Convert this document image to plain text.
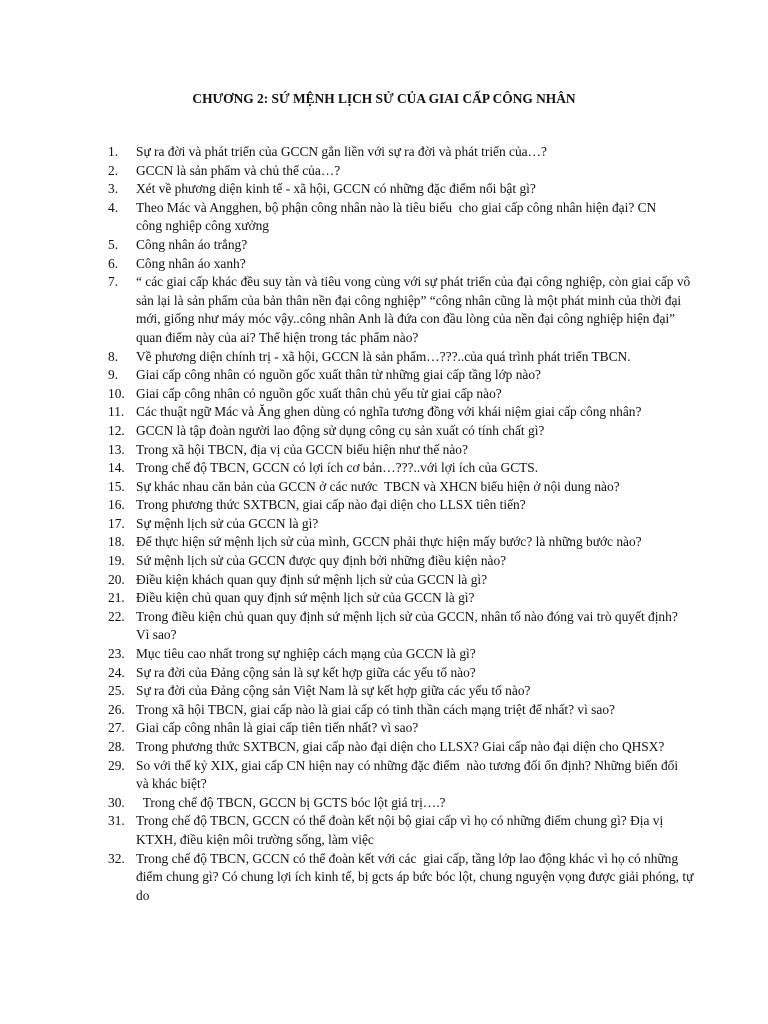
CHƯƠNG 2: SỨ MỆNH LỊCH SỬ CỦA GIAI CẤP CÔNG NHÂN
1.	Sự ra đời và phát triển của GCCN gắn liền với sự ra đời và phát triển của…?
2.	GCCN là sản phẩm và chủ thể của…?
3.	Xét về phương diện kinh tế - xã hội, GCCN có những đặc điểm nổi bật gì?
4.	Theo Mác và Angghen, bộ phận công nhân nào là tiêu biểu  cho giai cấp công nhân hiện đại? CN công nghiệp công xưởng
5.	Công nhân áo trắng?
6.	Công nhân áo xanh?
7.	“ các giai cấp khác đều suy tàn và tiêu vong cùng với sự phát triển của đại công nghiệp, còn giai cấp vô sản lại là sản phẩm của bản thân nền đại công nghiệp” “công nhân cũng là một phát minh của thời đại mới, giống như máy móc vậy..công nhân Anh là đứa con đầu lòng của nền đại công nghiệp hiện đại” quan điểm này của ai? Thể hiện trong tác phẩm nào?
8.	Về phương diện chính trị - xã hội, GCCN là sản phẩm…???..của quá trình phát triển TBCN.
9.	Giai cấp công nhân có nguồn gốc xuất thân từ những giai cấp tầng lớp nào?
10. Giai cấp công nhân có nguồn gốc xuất thân chủ yếu từ giai cấp nào?
11. Các thuật ngữ Mác và Ăng ghen dùng có nghĩa tương đồng với khái niệm giai cấp công nhân?
12. GCCN là tập đoàn người lao động sử dụng công cụ sản xuất có tính chất gì?
13. Trong xã hội TBCN, địa vị của GCCN biểu hiện như thế nào?
14. Trong chế độ TBCN, GCCN có lợi ích cơ bản…???..với lợi ích của GCTS.
15. Sự khác nhau căn bản của GCCN ở các nước  TBCN và XHCN biểu hiện ở nội dung nào?
16. Trong phương thức SXTBCN, giai cấp nào đại diện cho LLSX tiên tiến?
17. Sự mệnh lịch sử của GCCN là gì?
18. Để thực hiện sứ mệnh lịch sử của mình, GCCN phải thực hiện mấy bước? là những bước nào?
19. Sứ mệnh lịch sử của GCCN được quy định bởi những điều kiện nào?
20. Điều kiện khách quan quy định sứ mệnh lịch sử của GCCN là gì?
21. Điều kiện chủ quan quy định sứ mệnh lịch sử của GCCN là gì?
22. Trong điều kiện chủ quan quy định sứ mệnh lịch sử của GCCN, nhân tố nào đóng vai trò quyết định? Vì sao?
23. Mục tiêu cao nhất trong sự nghiệp cách mạng của GCCN là gì?
24. Sự ra đời của Đảng cộng sản là sự kết hợp giữa các yếu tố nào?
25. Sự ra đời của Đảng cộng sản Việt Nam là sự kết hợp giữa các yếu tố nào?
26. Trong xã hội TBCN, giai cấp nào là giai cấp có tinh thần cách mạng triệt để nhất? vì sao?
27. Giai cấp công nhân là giai cấp tiên tiến nhất? vì sao?
28. Trong phương thức SXTBCN, giai cấp nào đại diện cho LLSX? Giai cấp nào đại diện cho QHSX?
29. So với thế kỷ XIX, giai cấp CN hiện nay có những đặc điểm  nào tương đối ổn định? Những biến đổi và khác biệt?
30. Trong chế độ TBCN, GCCN bị GCTS bóc lột giá trị….?
31. Trong chế độ TBCN, GCCN có thể đoàn kết nội bộ giai cấp vì họ có những điểm chung gì? Địa vị KTXH, điều kiện môi trường sống, làm việc
32. Trong chế độ TBCN, GCCN có thể đoàn kết với các  giai cấp, tầng lớp lao động khác vì họ có những điểm chung gì? Có chung lợi ích kinh tế, bị gcts áp bức bóc lột, chung nguyện vọng được giải phóng, tự do
